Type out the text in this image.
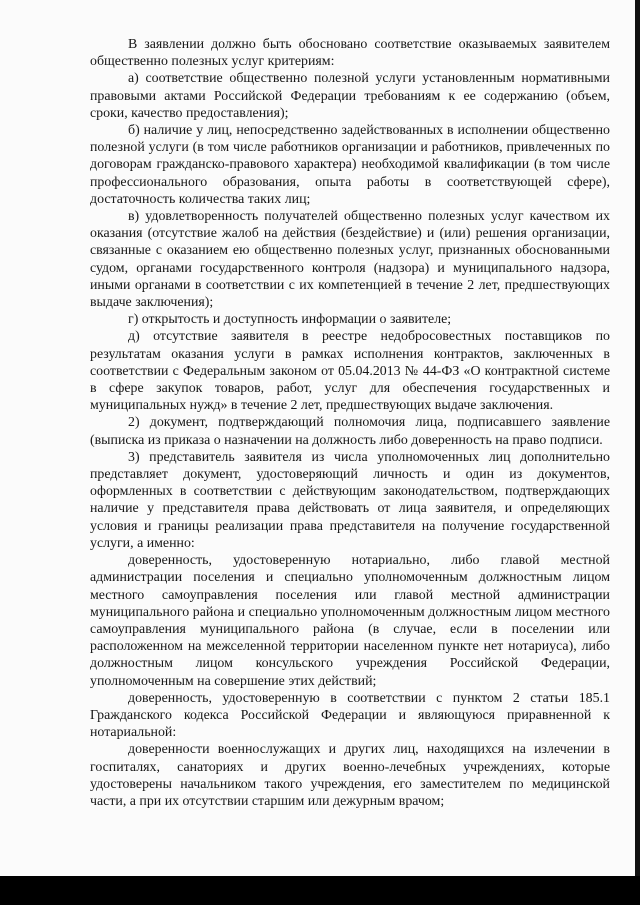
В заявлении должно быть обосновано соответствие оказываемых заявителем общественно полезных услуг критериям:

а) соответствие общественно полезной услуги установленным нормативными правовыми актами Российской Федерации требованиям к ее содержанию (объем, сроки, качество предоставления);

б) наличие у лиц, непосредственно задействованных в исполнении общественно полезной услуги (в том числе работников организации и работников, привлеченных по договорам гражданско-правового характера) необходимой квалификации (в том числе профессионального образования, опыта работы в соответствующей сфере), достаточность количества таких лиц;

в) удовлетворенность получателей общественно полезных услуг качеством их оказания (отсутствие жалоб на действия (бездействие) и (или) решения организации, связанные с оказанием ею общественно полезных услуг, признанных обоснованными судом, органами государственного контроля (надзора) и муниципального надзора, иными органами в соответствии с их компетенцией в течение 2 лет, предшествующих выдаче заключения);

г) открытость и доступность информации о заявителе;

д) отсутствие заявителя в реестре недобросовестных поставщиков по результатам оказания услуги в рамках исполнения контрактов, заключенных в соответствии с Федеральным законом от 05.04.2013 № 44-ФЗ «О контрактной системе в сфере закупок товаров, работ, услуг для обеспечения государственных и муниципальных нужд» в течение 2 лет, предшествующих выдаче заключения.

2) документ, подтверждающий полномочия лица, подписавшего заявление (выписка из приказа о назначении на должность либо доверенность на право подписи.

3) представитель заявителя из числа уполномоченных лиц дополнительно представляет документ, удостоверяющий личность и один из документов, оформленных в соответствии с действующим законодательством, подтверждающих наличие у представителя права действовать от лица заявителя, и определяющих условия и границы реализации права представителя на получение государственной услуги, а именно:

доверенность, удостоверенную нотариально, либо главой местной администрации поселения и специально уполномоченным должностным лицом местного самоуправления поселения или главой местной администрации муниципального района и специально уполномоченным должностным лицом местного самоуправления муниципального района (в случае, если в поселении или расположенном на межселенной территории населенном пункте нет нотариуса), либо должностным лицом консульского учреждения Российской Федерации, уполномоченным на совершение этих действий;

доверенность, удостоверенную в соответствии с пунктом 2 статьи 185.1 Гражданского кодекса Российской Федерации и являющуюся приравненной к нотариальной:

доверенности военнослужащих и других лиц, находящихся на излечении в госпиталях, санаториях и других военно-лечебных учреждениях, которые удостоверены начальником такого учреждения, его заместителем по медицинской части, а при их отсутствии старшим или дежурным врачом;
